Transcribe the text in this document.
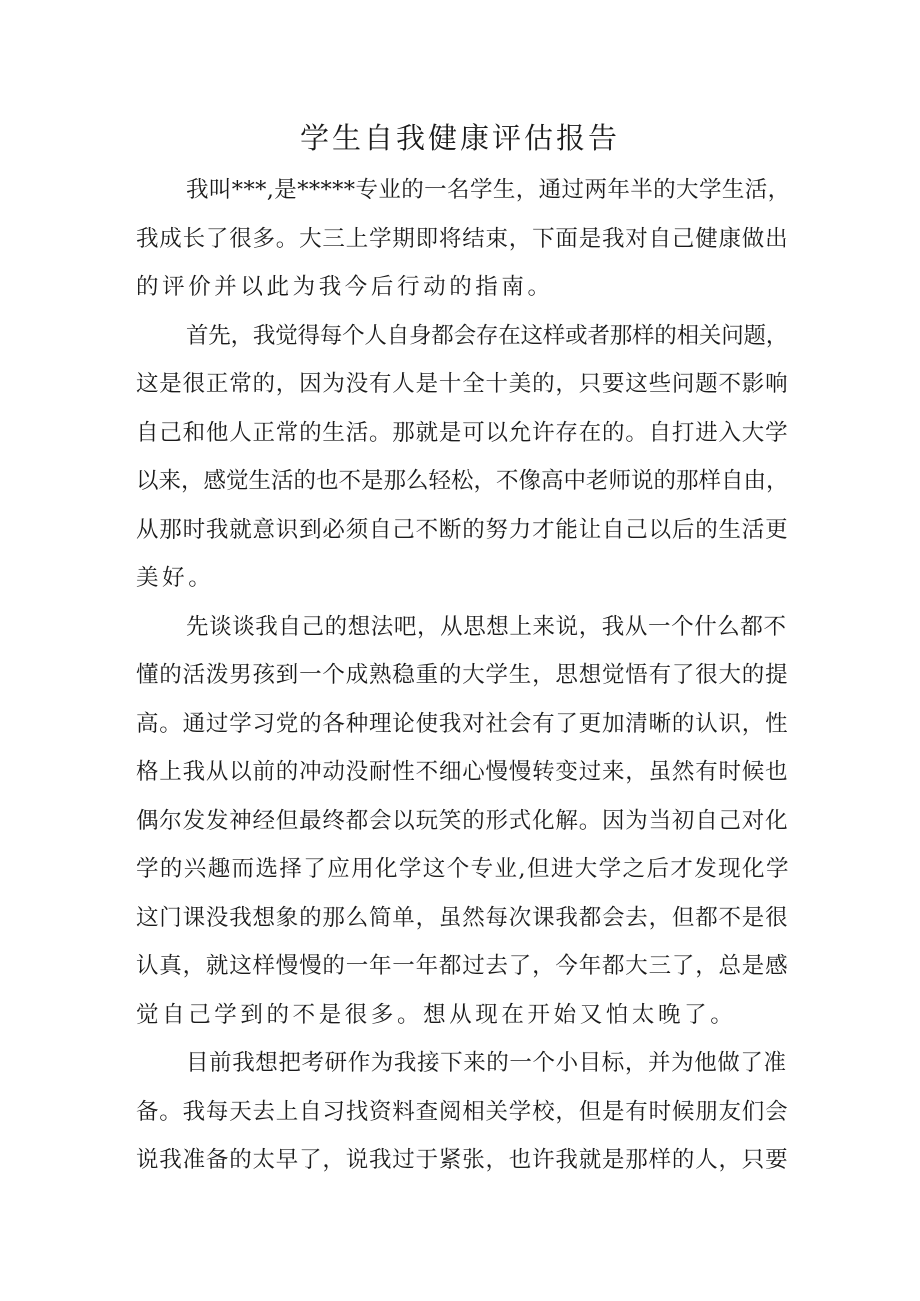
学生自我健康评估报告
我叫***,是*****专业的一名学生，通过两年半的大学生活，
我成长了很多。大三上学期即将结束，下面是我对自己健康做出
的评价并以此为我今后行动的指南。
首先，我觉得每个人自身都会存在这样或者那样的相关问题，
这是很正常的，因为没有人是十全十美的，只要这些问题不影响
自己和他人正常的生活。那就是可以允许存在的。自打进入大学
以来，感觉生活的也不是那么轻松，不像高中老师说的那样自由，
从那时我就意识到必须自己不断的努力才能让自己以后的生活更
美好。
先谈谈我自己的想法吧，从思想上来说，我从一个什么都不
懂的活泼男孩到一个成熟稳重的大学生，思想觉悟有了很大的提
高。通过学习党的各种理论使我对社会有了更加清晰的认识，性
格上我从以前的冲动没耐性不细心慢慢转变过来，虽然有时候也
偶尔发发神经但最终都会以玩笑的形式化解。因为当初自己对化
学的兴趣而选择了应用化学这个专业,但进大学之后才发现化学
这门课没我想象的那么简单，虽然每次课我都会去，但都不是很
认真，就这样慢慢的一年一年都过去了，今年都大三了，总是感
觉自己学到的不是很多。想从现在开始又怕太晚了。
目前我想把考研作为我接下来的一个小目标，并为他做了准
备。我每天去上自习找资料查阅相关学校，但是有时候朋友们会
说我准备的太早了，说我过于紧张，也许我就是那样的人，只要
